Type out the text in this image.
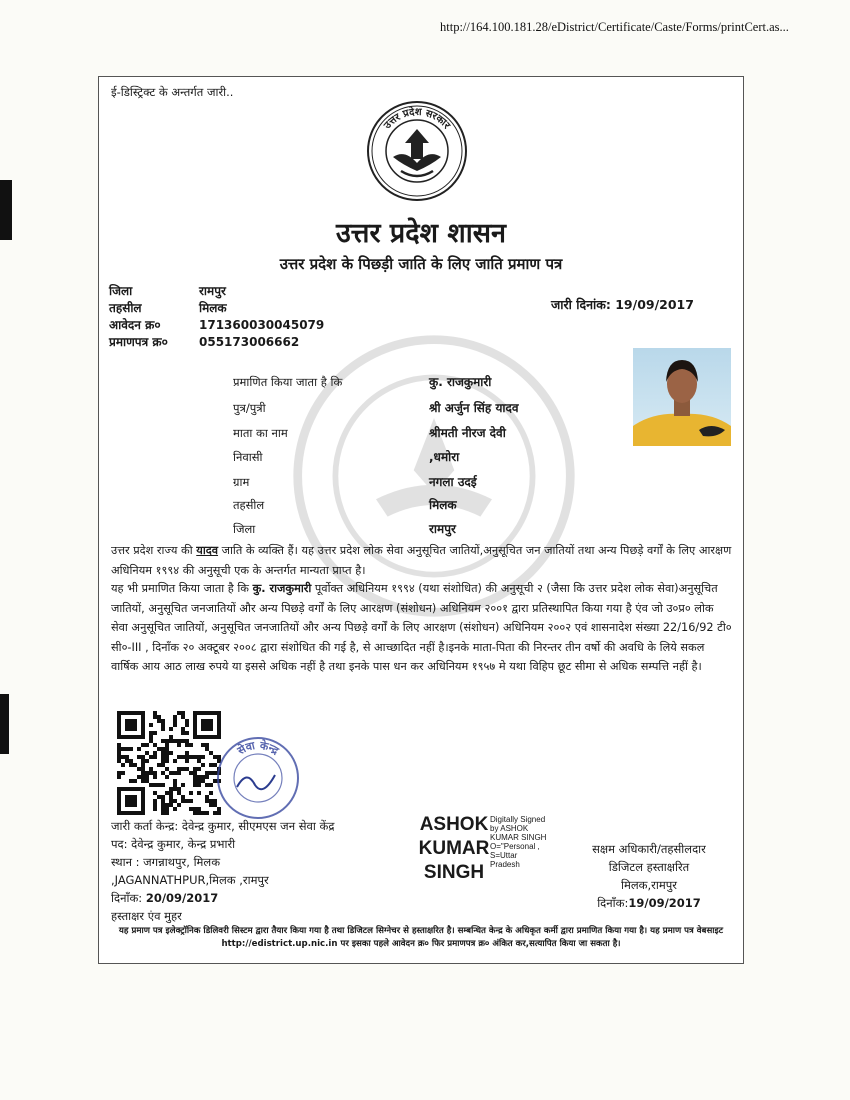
http://164.100.181.28/eDistrict/Certificate/Caste/Forms/printCert.as...
ई-डिस्ट्रिक्ट के अन्तर्गत जारी..
उत्तर प्रदेश सरकार
उत्तर प्रदेश शासन
उत्तर प्रदेश के पिछड़ी जाति के लिए जाति प्रमाण पत्र
जिला	रामपुर
तहसील	मिलक
आवेदन क्र०	171360030045079
प्रमाणपत्र क्र०	055173006662
जारी दिनांक: 19/09/2017
प्रमाणित किया जाता है कि	कु. राजकुमारी
पुत्र/पुत्री	श्री अर्जुन सिंह यादव
माता का नाम	श्रीमती नीरज देवी
निवासी	,धमोरा
ग्राम	नगला उदई
तहसील	मिलक
जिला	रामपुर
उत्तर प्रदेश राज्य की यादव जाति के व्यक्ति हैं। यह उत्तर प्रदेश लोक सेवा अनुसूचित जातियों,अनुसूचित जन जातियों तथा अन्य पिछड़े वर्गों के लिए आरक्षण अधिनियम १९९४ की अनुसूची एक के अन्तर्गत मान्यता प्राप्त है।
यह भी प्रमाणित किया जाता है कि कु. राजकुमारी पूर्वोक्त अधिनियम १९९४ (यथा संशोधित) की अनुसूची २ (जैसा कि उत्तर प्रदेश लोक सेवा)अनुसूचित जातियों, अनुसूचित जनजातियों और अन्य पिछड़े वर्गों के लिए आरक्षण (संशोधन) अधिनियम २००१ द्वारा प्रतिस्थापित किया गया है एंव जो उ०प्र० लोक सेवा अनुसूचित जातियों, अनुसूचित जनजातियों और अन्य पिछड़े वर्गों के लिए आरक्षण (संशोधन) अधिनियम २००२ एवं शासनादेश संख्या 22/16/92 टी० सी०-III , दिनाँक २० अक्टूबर २००८ द्वारा संशोधित की गई है, से आच्छादित नहीं है।इनके माता-पिता की निरन्तर तीन वर्षो की अवधि के लिये सकल वार्षिक आय आठ लाख रुपये या इससे अधिक नहीं है तथा इनके पास धन कर अधिनियम १९५७ मे यथा विहिप छूट सीमा से अधिक सम्पत्ति नहीं है।
सेवा केन्द्र
जारी कर्ता केन्द्र: देवेन्द्र कुमार, सीएमएस जन सेवा केंद्र
पद: देवेन्द्र कुमार, केन्द्र प्रभारी
स्थान : जगन्नाथपुर, मिलक
,JAGANNATHPUR,मिलक ,रामपुर
दिनाँक: 20/09/2017
हस्ताक्षर एंव मुहर
ASHOK
KUMAR
SINGH
Digitally Signed
by ASHOK
KUMAR SINGH
O="Personal ,
S=Uttar
Pradesh
सक्षम अधिकारी/तहसीलदार
डिजिटल हस्ताक्षरित
मिलक,रामपुर
दिनाँक:19/09/2017
यह प्रमाण पत्र इलेक्ट्रॉनिक डिलिवरी सिस्टम द्वारा तैयार किया गया है तथा डिजिटल सिग्नेचर से हस्ताक्षरित है। सम्बन्धित केन्द्र के अधिकृत कर्मी द्वारा प्रमाणित किया गया है। यह प्रमाण पत्र वेबसाइट http://edistrict.up.nic.in पर इसका पहले आवेदन क्र० फिर प्रमाणपत्र क्र० अंकित कर,सत्यापित किया जा सकता है।
